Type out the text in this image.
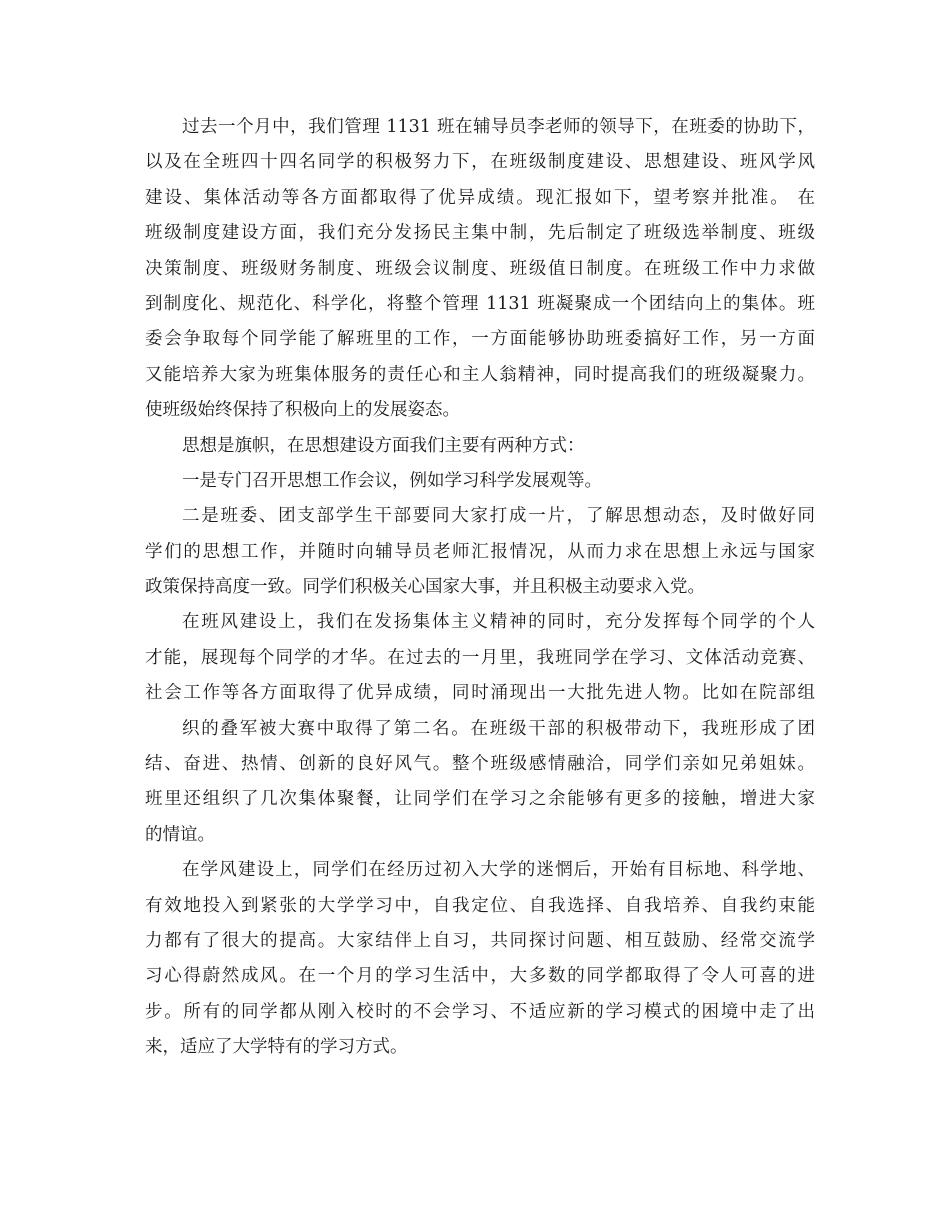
过去一个月中，我们管理 1131 班在辅导员李老师的领导下，在班委的协助下，
以及在全班四十四名同学的积极努力下，在班级制度建设、思想建设、班风学风
建设、集体活动等各方面都取得了优异成绩。现汇报如下，望考察并批准。 在
班级制度建设方面，我们充分发扬民主集中制，先后制定了班级选举制度、班级
决策制度、班级财务制度、班级会议制度、班级值日制度。在班级工作中力求做
到制度化、规范化、科学化，将整个管理 1131 班凝聚成一个团结向上的集体。班
委会争取每个同学能了解班里的工作，一方面能够协助班委搞好工作，另一方面
又能培养大家为班集体服务的责任心和主人翁精神，同时提高我们的班级凝聚力。
使班级始终保持了积极向上的发展姿态。
思想是旗帜，在思想建设方面我们主要有两种方式：
一是专门召开思想工作会议，例如学习科学发展观等。
二是班委、团支部学生干部要同大家打成一片，了解思想动态，及时做好同
学们的思想工作，并随时向辅导员老师汇报情况，从而力求在思想上永远与国家
政策保持高度一致。同学们积极关心国家大事，并且积极主动要求入党。
在班风建设上，我们在发扬集体主义精神的同时，充分发挥每个同学的个人
才能，展现每个同学的才华。在过去的一月里，我班同学在学习、文体活动竞赛、
社会工作等各方面取得了优异成绩，同时涌现出一大批先进人物。比如在院部组
织的叠军被大赛中取得了第二名。在班级干部的积极带动下，我班形成了团
结、奋进、热情、创新的良好风气。整个班级感情融洽，同学们亲如兄弟姐妹。
班里还组织了几次集体聚餐，让同学们在学习之余能够有更多的接触，增进大家
的情谊。
在学风建设上，同学们在经历过初入大学的迷惘后，开始有目标地、科学地、
有效地投入到紧张的大学学习中，自我定位、自我选择、自我培养、自我约束能
力都有了很大的提高。大家结伴上自习，共同探讨问题、相互鼓励、经常交流学
习心得蔚然成风。在一个月的学习生活中，大多数的同学都取得了令人可喜的进
步。所有的同学都从刚入校时的不会学习、不适应新的学习模式的困境中走了出
来，适应了大学特有的学习方式。
